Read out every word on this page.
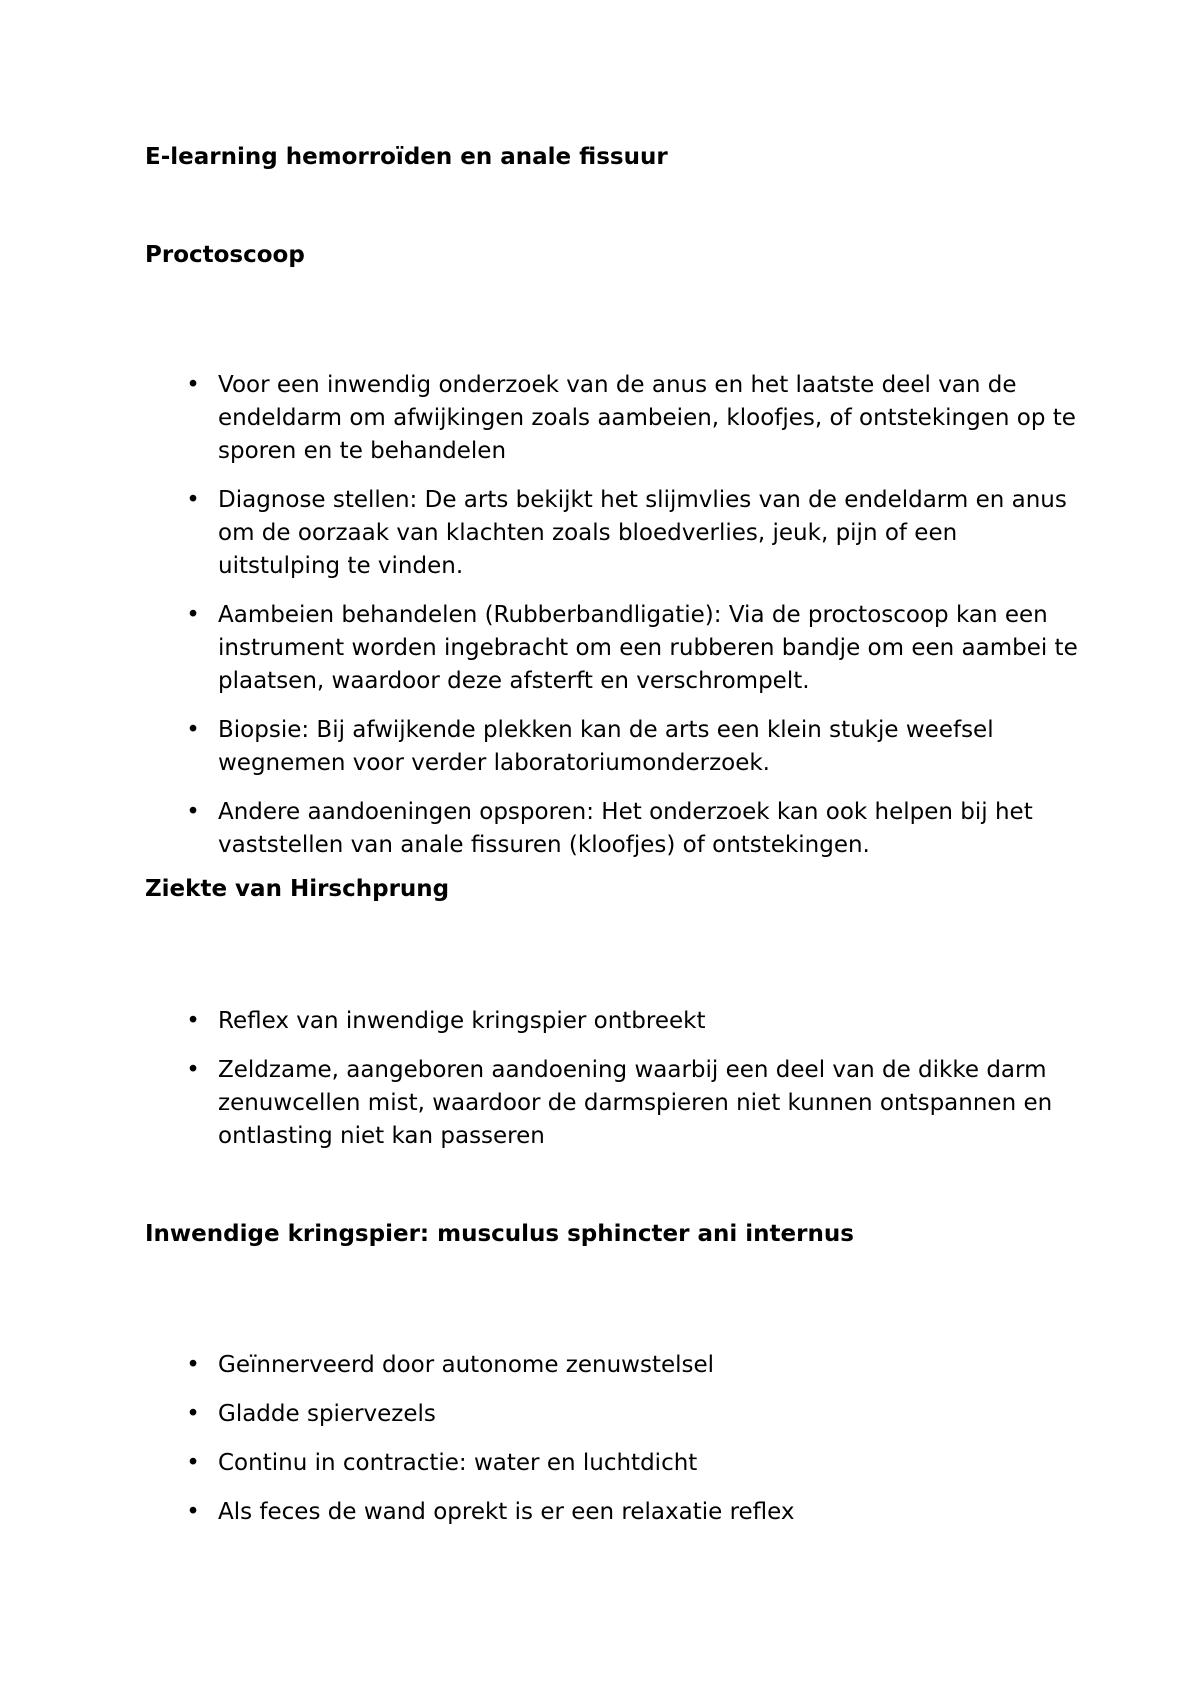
E-learning hemorroïden en anale fissuur
Proctoscoop
• Voor een inwendig onderzoek van de anus en het laatste deel van de endeldarm om afwijkingen zoals aambeien, kloofjes, of ontstekingen op te sporen en te behandelen
• Diagnose stellen: De arts bekijkt het slijmvlies van de endeldarm en anus om de oorzaak van klachten zoals bloedverlies, jeuk, pijn of een uitstulping te vinden.
• Aambeien behandelen (Rubberbandligatie): Via de proctoscoop kan een instrument worden ingebracht om een rubberen bandje om een aambei te plaatsen, waardoor deze afsterft en verschrompelt.
• Biopsie: Bij afwijkende plekken kan de arts een klein stukje weefsel wegnemen voor verder laboratoriumonderzoek.
• Andere aandoeningen opsporen: Het onderzoek kan ook helpen bij het vaststellen van anale fissuren (kloofjes) of ontstekingen.
Ziekte van Hirschprung
• Reflex van inwendige kringspier ontbreekt
• Zeldzame, aangeboren aandoening waarbij een deel van de dikke darm zenuwcellen mist, waardoor de darmspieren niet kunnen ontspannen en ontlasting niet kan passeren
Inwendige kringspier: musculus sphincter ani internus
• Geïnnerveerd door autonome zenuwstelsel
• Gladde spiervezels
• Continu in contractie: water en luchtdicht
• Als feces de wand oprekt is er een relaxatie reflex
